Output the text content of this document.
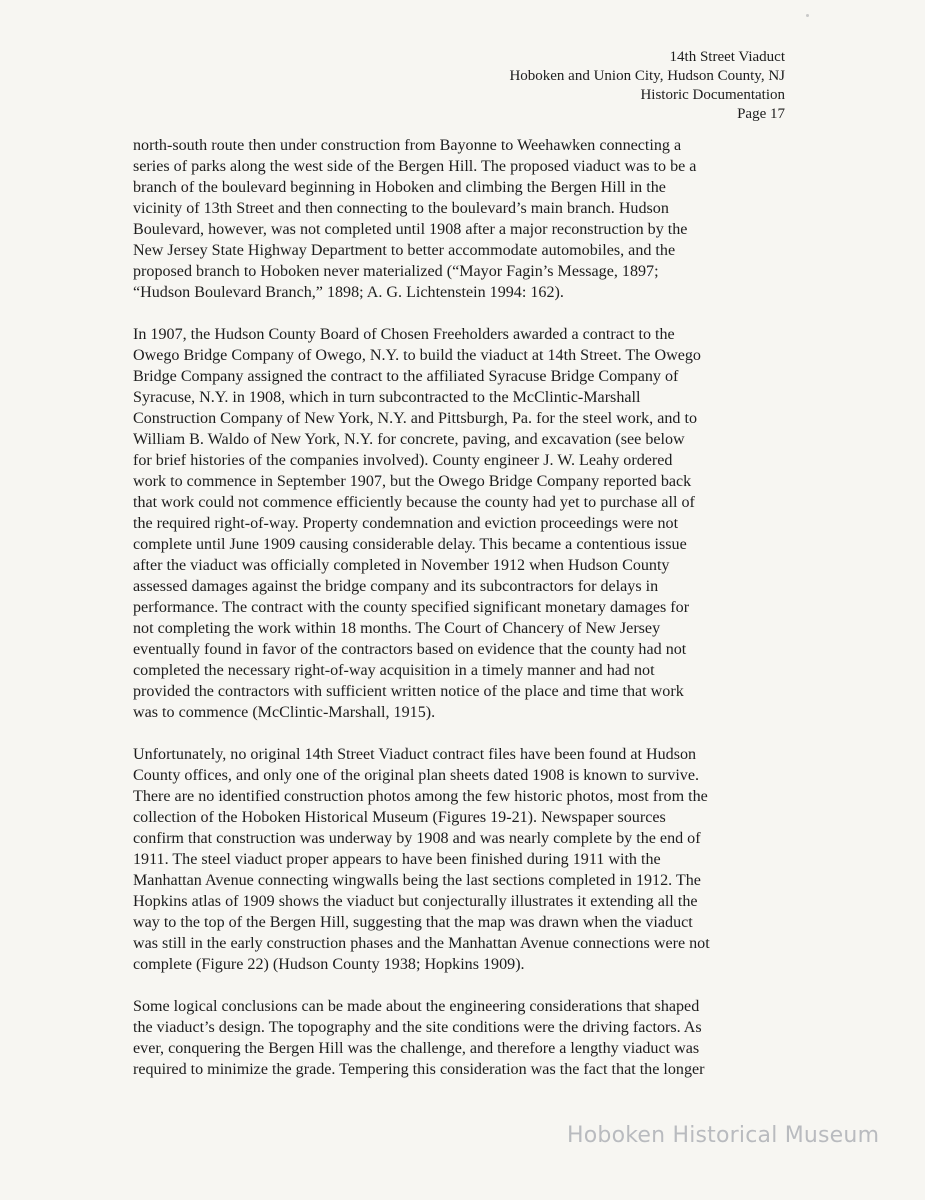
14th Street Viaduct
Hoboken and Union City, Hudson County, NJ
Historic Documentation
Page 17

north-south route then under construction from Bayonne to Weehawken connecting a
series of parks along the west side of the Bergen Hill. The proposed viaduct was to be a
branch of the boulevard beginning in Hoboken and climbing the Bergen Hill in the
vicinity of 13th Street and then connecting to the boulevard’s main branch. Hudson
Boulevard, however, was not completed until 1908 after a major reconstruction by the
New Jersey State Highway Department to better accommodate automobiles, and the
proposed branch to Hoboken never materialized (“Mayor Fagin’s Message, 1897;
“Hudson Boulevard Branch,” 1898; A. G. Lichtenstein 1994: 162).

In 1907, the Hudson County Board of Chosen Freeholders awarded a contract to the
Owego Bridge Company of Owego, N.Y. to build the viaduct at 14th Street. The Owego
Bridge Company assigned the contract to the affiliated Syracuse Bridge Company of
Syracuse, N.Y. in 1908, which in turn subcontracted to the McClintic-Marshall
Construction Company of New York, N.Y. and Pittsburgh, Pa. for the steel work, and to
William B. Waldo of New York, N.Y. for concrete, paving, and excavation (see below
for brief histories of the companies involved). County engineer J. W. Leahy ordered
work to commence in September 1907, but the Owego Bridge Company reported back
that work could not commence efficiently because the county had yet to purchase all of
the required right-of-way. Property condemnation and eviction proceedings were not
complete until June 1909 causing considerable delay. This became a contentious issue
after the viaduct was officially completed in November 1912 when Hudson County
assessed damages against the bridge company and its subcontractors for delays in
performance. The contract with the county specified significant monetary damages for
not completing the work within 18 months. The Court of Chancery of New Jersey
eventually found in favor of the contractors based on evidence that the county had not
completed the necessary right-of-way acquisition in a timely manner and had not
provided the contractors with sufficient written notice of the place and time that work
was to commence (McClintic-Marshall, 1915).

Unfortunately, no original 14th Street Viaduct contract files have been found at Hudson
County offices, and only one of the original plan sheets dated 1908 is known to survive.
There are no identified construction photos among the few historic photos, most from the
collection of the Hoboken Historical Museum (Figures 19-21). Newspaper sources
confirm that construction was underway by 1908 and was nearly complete by the end of
1911. The steel viaduct proper appears to have been finished during 1911 with the
Manhattan Avenue connecting wingwalls being the last sections completed in 1912. The
Hopkins atlas of 1909 shows the viaduct but conjecturally illustrates it extending all the
way to the top of the Bergen Hill, suggesting that the map was drawn when the viaduct
was still in the early construction phases and the Manhattan Avenue connections were not
complete (Figure 22) (Hudson County 1938; Hopkins 1909).

Some logical conclusions can be made about the engineering considerations that shaped
the viaduct’s design. The topography and the site conditions were the driving factors. As
ever, conquering the Bergen Hill was the challenge, and therefore a lengthy viaduct was
required to minimize the grade. Tempering this consideration was the fact that the longer

Hoboken Historical Museum
